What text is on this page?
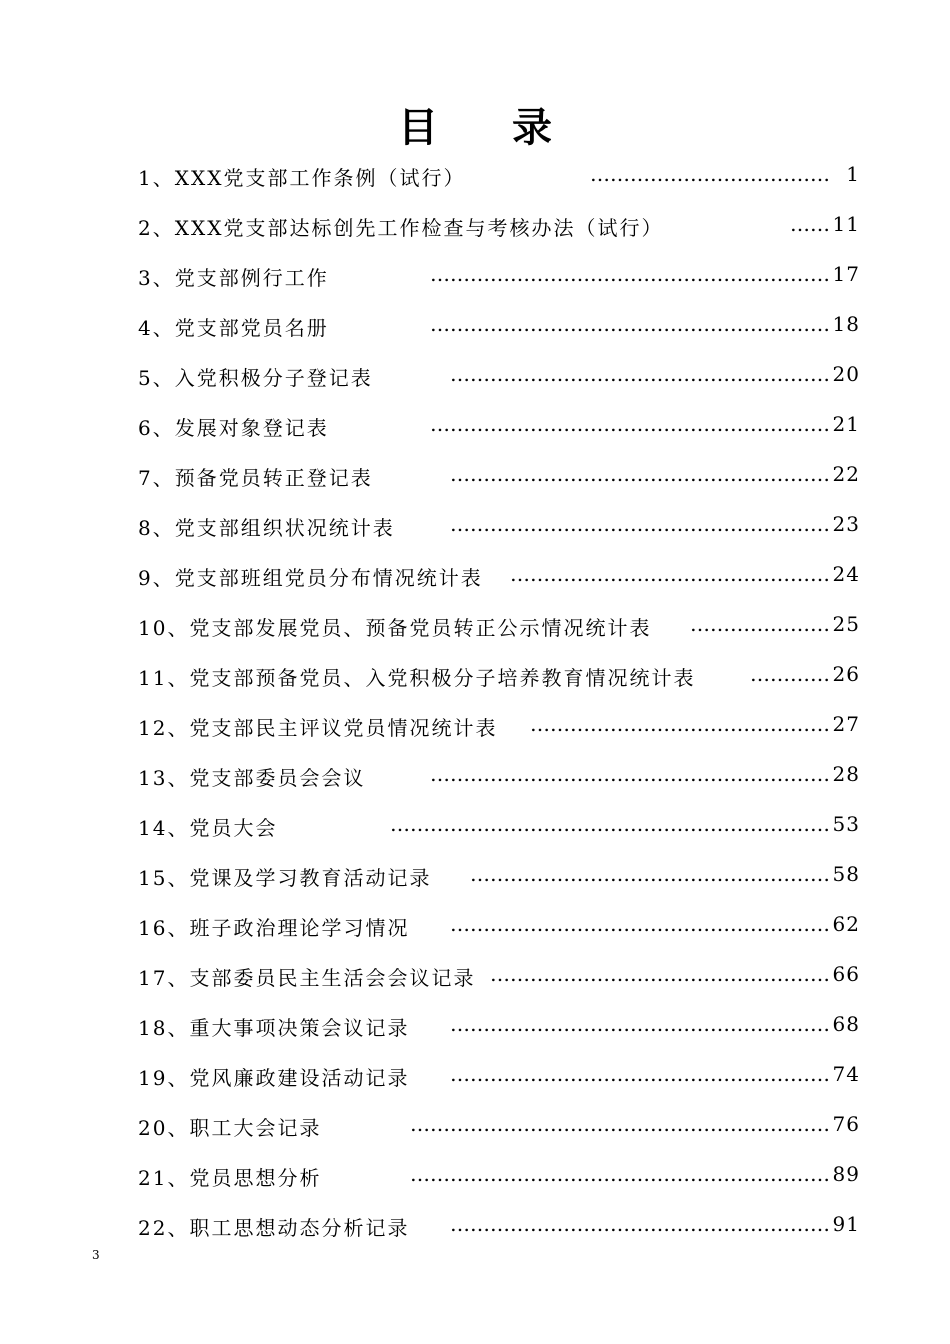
目 录
1、XXX党支部工作条例（试行）	……………………………… 1
2、XXX党支部达标创先工作检查与考核办法（试行）	…… 11
3、党支部例行工作	…………………………………………………… 17
4、党支部党员名册	…………………………………………………… 18
5、入党积极分子登记表	………………………………………………… 20
6、发展对象登记表	…………………………………………………… 21
7、预备党员转正登记表	………………………………………………… 22
8、党支部组织状况统计表	………………………………………………… 23
9、党支部班组党员分布情况统计表	………………………………………… 24
10、党支部发展党员、预备党员转正公示情况统计表	………………… 25
11、党支部预备党员、入党积极分子培养教育情况统计表	………… 26
12、党支部民主评议党员情况统计表	……………………………………… 27
13、党支部委员会会议	…………………………………………………… 28
14、党员大会	………………………………………………………… 53
15、党课及学习教育活动记录	……………………………………………… 58
16、班子政治理论学习情况	………………………………………………… 62
17、支部委员民主生活会会议记录 …………………………………………… 66
18、重大事项决策会议记录	………………………………………………… 68
19、党风廉政建设活动记录	………………………………………………… 74
20、职工大会记录	……………………………………………………… 76
21、党员思想分析	……………………………………………………… 89
22、职工思想动态分析记录	………………………………………………… 91
3
